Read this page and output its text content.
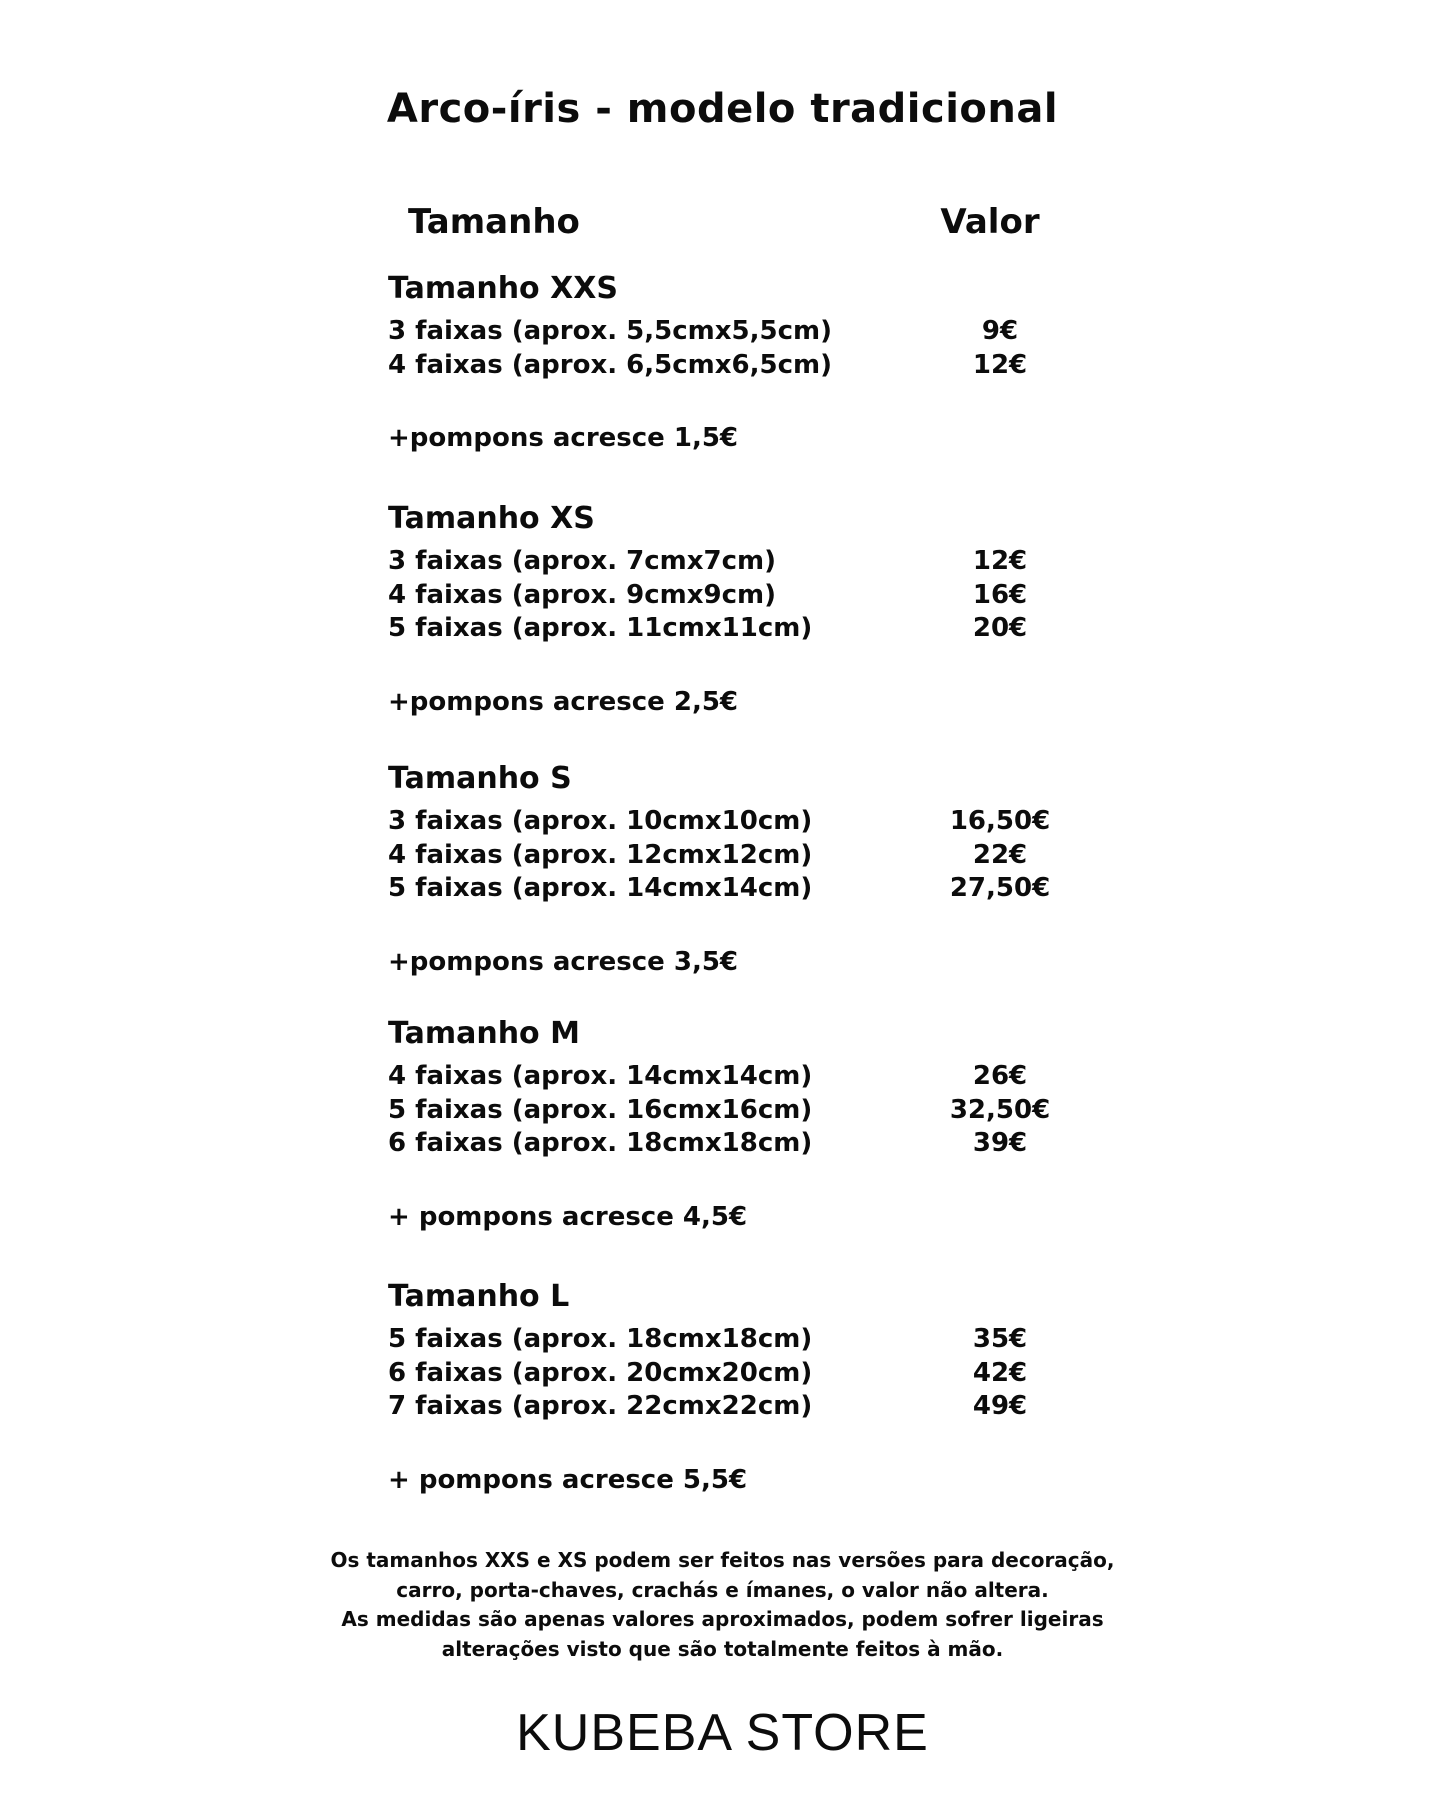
Arco-íris - modelo tradicional
Tamanho	Valor
Tamanho XXS
3 faixas (aprox. 5,5cmx5,5cm)	9€
4 faixas (aprox. 6,5cmx6,5cm)	12€
+pompons acresce 1,5€
Tamanho XS
3 faixas (aprox. 7cmx7cm)	12€
4 faixas (aprox. 9cmx9cm)	16€
5 faixas (aprox. 11cmx11cm)	20€
+pompons acresce 2,5€
Tamanho S
3 faixas (aprox. 10cmx10cm)	16,50€
4 faixas (aprox. 12cmx12cm)	22€
5 faixas (aprox. 14cmx14cm)	27,50€
+pompons acresce 3,5€
Tamanho M
4 faixas (aprox. 14cmx14cm)	26€
5 faixas (aprox. 16cmx16cm)	32,50€
6 faixas (aprox. 18cmx18cm)	39€
+ pompons acresce 4,5€
Tamanho L
5 faixas (aprox. 18cmx18cm)	35€
6 faixas (aprox. 20cmx20cm)	42€
7 faixas (aprox. 22cmx22cm)	49€
+ pompons acresce 5,5€

Os tamanhos XXS e XS podem ser feitos nas versões para decoração,

carro, porta-chaves, crachás e ímanes, o valor não altera.

As medidas são apenas valores aproximados, podem sofrer ligeiras

alterações visto que são totalmente feitos à mão.

KUBEBA STORE
